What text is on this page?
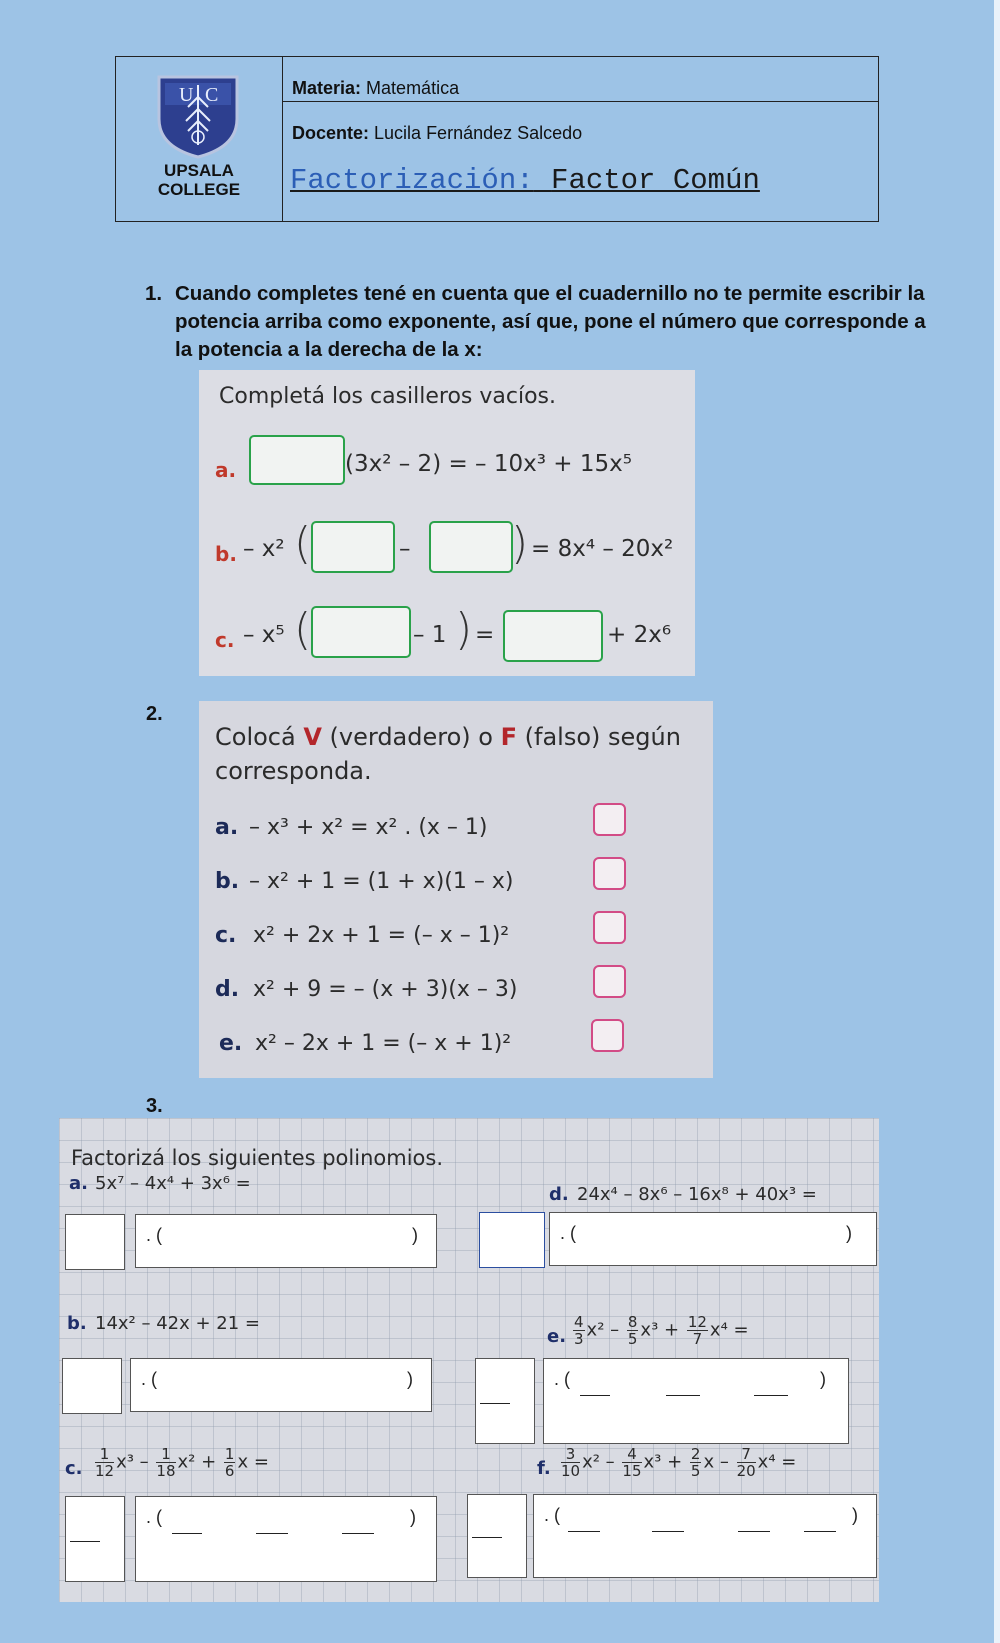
U C
UPSALA
COLLEGE
Materia: Matemática
Docente: Lucila Fernández Salcedo
Factorización: Factor Común
1. Cuando completes tené en cuenta que el cuadernillo no te permite escribir la potencia arriba como exponente, así que, pone el número que corresponde a la potencia a la derecha de la x:
Completá los casilleros vacíos.
a.	(3x² – 2) = – 10x³ + 15x⁵
b. – x² (	– ) = 8x⁴ – 20x²
c. – x⁵ (	– 1 ) =	+ 2x⁶
2.
Colocá V (verdadero) o F (falso) según
corresponda.
a. – x³ + x² = x² . (x – 1)
b. – x² + 1 = (1 + x)(1 – x)
c. x² + 2x + 1 = (– x – 1)²
d. x² + 9 = – (x + 3)(x – 3)
e. x² – 2x + 1 = (– x + 1)²
3.
Factorizá los siguientes polinomios.
a. 5x⁷ – 4x⁴ + 3x⁶ =
. (	)
d. 24x⁴ – 8x⁶ – 16x⁸ + 40x³ =
. (	)
b. 14x² – 42x + 21 =
. (	)
e. $\frac{4}{3} x^2 - \frac{8}{5} x^3 + \frac{12}{7} x^4$ =
. (	)
c. $\frac{1}{12} x^3 - \frac{1}{18} x^2 + \frac{1}{6}$ x =
. (	)
f. $\frac{3}{10} x^2 - \frac{4}{15} x^3 + \frac{2}{5}$ x – $\frac{7}{20} x^4$ =
. (	)
